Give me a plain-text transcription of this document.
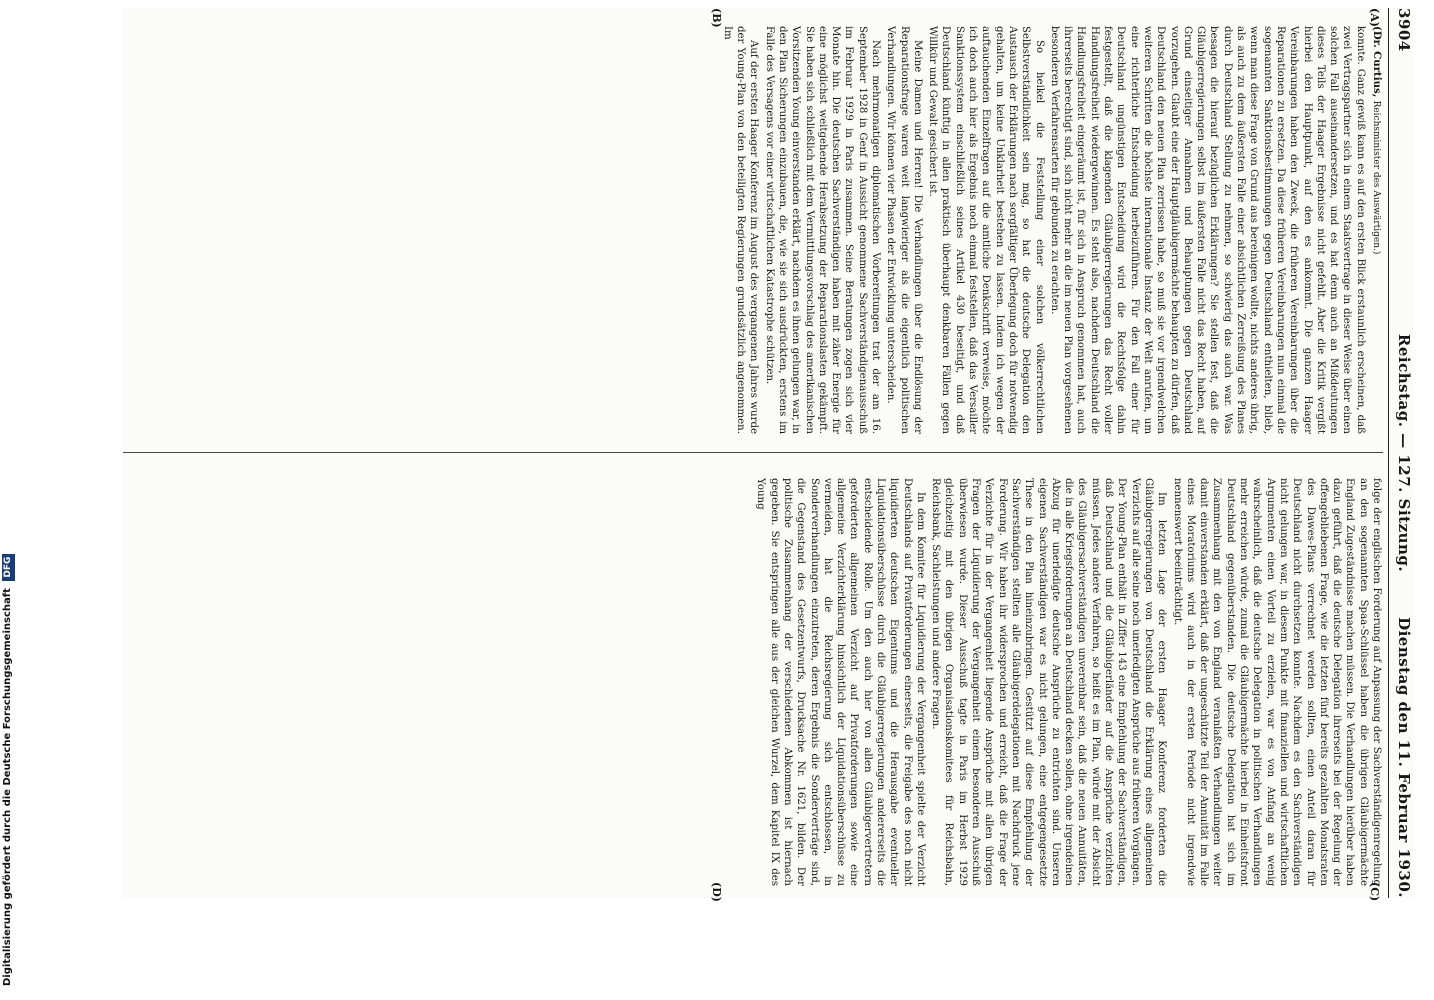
3904
Reichstag. — 127. Sitzung.
Dienstag den 11. Februar 1930.
(A)
(B)
(C)
(D)

(Dr. Curtius, Reichsminister des Auswärtigen.)

konnte. Ganz gewiß kann es auf den ersten Blick erstaunlich erscheinen, daß zwei Vertragspartner sich in einem Staatsvertrage in dieser Weise über einen solchen Fall auseinandersetzen, und es hat denn auch an Mißdeutungen dieses Teils der Haager Ergebnisse nicht gefehlt. Aber die Kritik vergißt hierbei den Hauptpunkt, auf den es ankommt. Die ganzen Haager Vereinbarungen haben den Zweck, die früheren Vereinbarungen über die Reparationen zu ersetzen. Da diese früheren Vereinbarungen nun einmal die sogenannten Sanktionsbestimmungen gegen Deutschland enthielten, blieb, wenn man diese Frage von Grund aus bereinigen wollte, nichts anderes übrig, als auch zu dem äußersten Falle einer absichtlichen Zerreißung des Planes durch Deutschland Stellung zu nehmen, so schwierig das auch war. Was besagen die hierauf bezüglichen Erklärungen? Sie stellen fest, daß die Gläubigerregierungen selbst im äußersten Falle nicht das Recht haben, auf Grund einseitiger Annahmen und Behauptungen gegen Deutschland vorzugehen. Glaubt eine der Hauptgläubigermächte behaupten zu dürfen, daß Deutschland den neuen Plan zerrissen habe, so muß sie vor irgendwelchen weiteren Schritten die höchste internationale Instanz der Welt anrufen, um eine richterliche Entscheidung herbeizuführen. Für den Fall einer für Deutschland ungünstigen Entscheidung wird die Rechtsfolge dahin festgestellt, daß die klagenden Gläubigerregierungen das Recht voller Handlungsfreiheit wiedergewinnen. Es steht also, nachdem Deutschland die Handlungsfreiheit eingeräumt ist, für sich in Anspruch genommen hat, auch ihrerseits berechtigt sind, sich nicht mehr an die im neuen Plan vorgesehenen besonderen Verfahrensarten für gebunden zu erachten.

So heikel die Feststellung einer solchen völkerrechtlichen Selbstverständlichkeit sein mag, so hat die deutsche Delegation den Austausch der Erklärungen nach sorgfältiger Überlegung doch für notwendig gehalten, um keine Unklarheit bestehen zu lassen. Indem ich wegen der auftauchenden Einzelfragen auf die amtliche Denkschrift verweise, möchte ich doch auch hier als Ergebnis noch einmal feststellen, daß das Versailler Sanktionssystem einschließlich seines Artikel 430 beseitigt, und daß Deutschland künftig in allen praktisch überhaupt denkbaren Fällen gegen Willkür und Gewalt gesichert ist.

Meine Damen und Herren! Die Verhandlungen über die Endlösung der Reparationsfrage waren weit langwieriger als die eigentlich politischen Verhandlungen. Wir können vier Phasen der Entwicklung unterscheiden.

Nach mehrmonatigen diplomatischen Vorbereitungen trat der am 16. September 1928 in Genf in Aussicht genommene Sachverständigenausschuß im Februar 1929 in Paris zusammen. Seine Beratungen zogen sich vier Monate hin. Die deutschen Sachverständigen haben mit zäher Energie für eine möglichst weitgehende Herabsetzung der Reparationslasten gekämpft. Sie haben sich schließlich mit dem Vermittlungsvorschlag des amerikanischen Vorsitzenden Young einverstanden erklärt, nachdem es ihnen gelungen war, in den Plan Sicherungen einzubauen, die, wie sie sich ausdrückten, erstens im Falle des Versagens vor einer wirtschaftlichen Katastrophe schützen.

Auf der ersten Haager Konferenz im August des vergangenen Jahres wurde der Young-Plan von den beteiligten Regierungen grundsätzlich angenommen. Im

folge der englischen Forderung auf Anpassung der Sachverständigenregelung an den sogenannten Spaa-Schlüssel haben die übrigen Gläubigermächte England Zugeständnisse machen müssen. Die Verhandlungen hierüber haben dazu geführt, daß die deutsche Delegation ihrerseits bei der Regelung der offengebliebenen Frage, wie die letzten fünf bereits gezahlten Monatsraten des Dawes-Plans verrechnet werden sollten, einen Anteil daran für Deutschland nicht durchsetzen konnte. Nachdem es den Sachverständigen nicht gelungen war, in diesem Punkte mit finanziellen und wirtschaftlichen Argumenten einen Vorteil zu erzielen, war es von Anfang an wenig wahrscheinlich, daß die deutsche Delegation in politischen Verhandlungen mehr erreichen würde, zumal die Gläubigermächte hierbei in Einheitsfront Deutschland gegenüberstanden. Die deutsche Delegation hat sich im Zusammenhang mit den von England veranlaßten Verhandlungen weiter damit einverstanden erklärt, daß der ungeschützte Teil der Annuität im Falle eines Moratoriums wird auch in der ersten Periode nicht irgendwie nennenswert beeinträchtigt.

Im letzten Lage der ersten Haager Konferenz forderten die Gläubigerregierungen von Deutschland die Erklärung eines allgemeinen Verzichts auf alle seine noch unerledigten Ansprüche aus früheren Vorgängen. Der Young-Plan enthält in Ziffer 143 eine Empfehlung der Sachverständigen, daß Deutschland und die Gläubigerländer auf die Ansprüche verzichten müssen. Jedes andere Verfahren, so heißt es im Plan, würde mit der Absicht des Gläubigersachverständigen unvereinbar sein, daß die neuen Annuitäten, die in alle Kriegsforderungen an Deutschland decken sollen, ohne irgendeinen Abzug für unerledigte deutsche Ansprüche zu entrichten sind. Unseren eigenen Sachverständigen war es nicht gelungen, eine entgegengesetzte These in den Plan hineinzubringen. Gestützt auf diese Empfehlung der Sachverständigen stellten alle Gläubigerdelegationen mit Nachdruck jene Forderung. Wir haben ihr widersprochen und erreicht, daß die Frage der Verzichte für in der Vergangenheit liegende Ansprüche mit allen übrigen Fragen der Liquidierung der Vergangenheit einem besonderen Ausschuß überwiesen wurde. Dieser Ausschuß tagte in Paris im Herbst 1929 gleichzeitig mit den übrigen Organisationskomitees für Reichsbahn, Reichsbank, Sachleistungen und andere Fragen.

In dem Komitee für Liquidierung der Vergangenheit spielte der Verzicht Deutschlands auf Privatforderungen einerseits, die Freigabe des noch nicht liquidierten deutschen Eigentums und die Herausgabe eventueller Liquidationsüberschüsse durch die Gläubigerregierungen andererseits die entscheidende Rolle. Um den auch hier von allen Gläubigervertretern geforderten allgemeinen Verzicht auf Privatforderungen sowie eine allgemeine Verzichterklärung hinsichtlich der Liquidationsüberschüsse zu vermeiden, hat die Reichsregierung sich entschlossen, in Sonderverhandlungen einzutreten, deren Ergebnis die Sonderverträge sind, die Gegenstand des Gesetzentwurfs, Drucksache Nr. 1621, bilden. Der politische Zusammenhang der verschiedenen Abkommen ist hiernach gegeben. Sie entspringen alle aus der gleichen Wurzel, dem Kapitel IX des Young

Digitalisierung gefördert durch die Deutsche Forschungsgemeinschaft DFG
